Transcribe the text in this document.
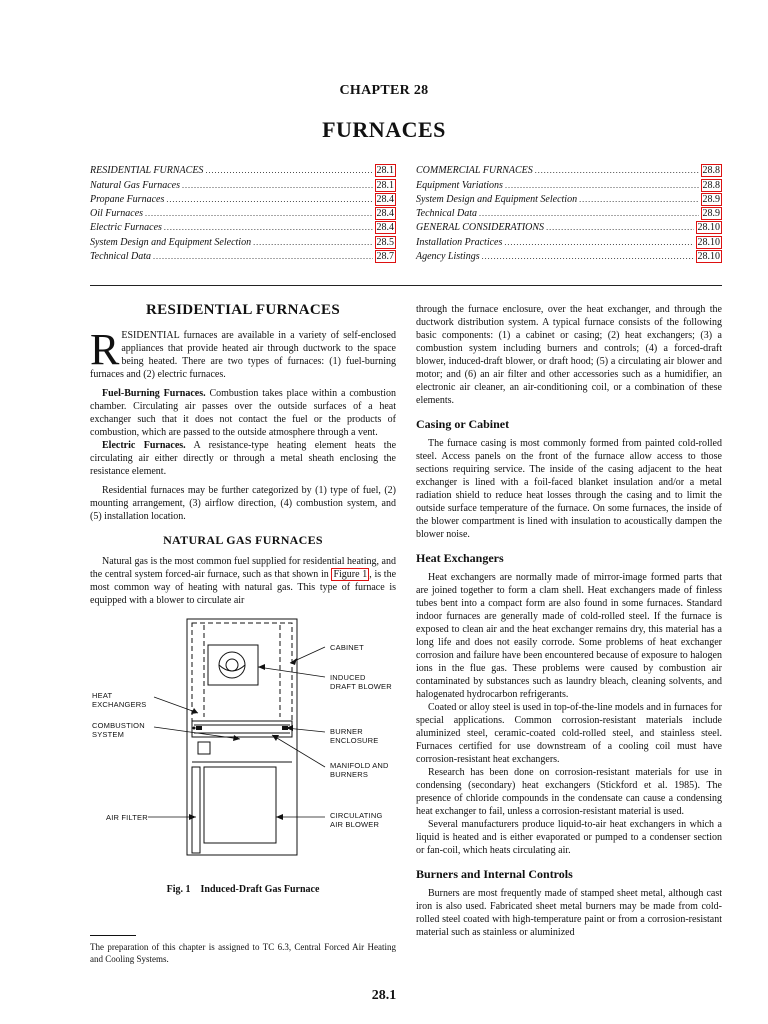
CHAPTER 28
FURNACES
RESIDENTIAL FURNACES .....	28.1
Natural Gas Furnaces .....	28.1
Propane Furnaces .....	28.4
Oil Furnaces .....	28.4
Electric Furnaces .....	28.4
System Design and Equipment Selection .....	28.5
Technical Data .....	28.7
COMMERCIAL FURNACES .....	28.8
Equipment Variations .....	28.8
System Design and Equipment Selection .....	28.9
Technical Data .....	28.9
GENERAL CONSIDERATIONS .....	28.10
Installation Practices .....	28.10
Agency Listings .....	28.10
RESIDENTIAL FURNACES

RESIDENTIAL furnaces are available in a variety of self-enclosed appliances that provide heated air through ductwork to the space being heated. There are two types of furnaces: (1) fuel-burning furnaces and (2) electric furnaces.

Fuel-Burning Furnaces. Combustion takes place within a combustion chamber. Circulating air passes over the outside surfaces of a heat exchanger such that it does not contact the fuel or the products of combustion, which are passed to the outside atmosphere through a vent.

Electric Furnaces. A resistance-type heating element heats the circulating air either directly or through a metal sheath enclosing the resistance element.

Residential furnaces may be further categorized by (1) type of fuel, (2) mounting arrangement, (3) airflow direction, (4) combustion system, and (5) installation location.

NATURAL GAS FURNACES

Natural gas is the most common fuel supplied for residential heating, and the central system forced-air furnace, such as that shown in Figure 1 , is the most common way of heating with natural gas. This type of furnace is equipped with a blower to circulate air

CABINET
INDUCED DRAFT BLOWER
HEAT EXCHANGERS
COMBUSTION SYSTEM	BURNER ENCLOSURE
MANIFOLD AND BURNERS
AIR FILTER	CIRCULATING AIR BLOWER
Fig. 1    Induced-Draft Gas Furnace
The preparation of this chapter is assigned to TC 6.3, Central Forced Air Heating and Cooling Systems.

through the furnace enclosure, over the heat exchanger, and through the ductwork distribution system. A typical furnace consists of the following basic components: (1) a cabinet or casing; (2) heat exchangers; (3) a combustion system including burners and controls; (4) a forced-draft blower, induced-draft blower, or draft hood; (5) a circulating air blower and motor; and (6) an air filter and other accessories such as a humidifier, an electronic air cleaner, an air-conditioning coil, or a combination of these elements.

Casing or Cabinet

The furnace casing is most commonly formed from painted cold-rolled steel. Access panels on the front of the furnace allow access to those sections requiring service. The inside of the casing adjacent to the heat exchanger is lined with a foil-faced blanket insulation and/or a metal radiation shield to reduce heat losses through the casing and to limit the outside surface temperature of the furnace. On some furnaces, the inside of the blower compartment is lined with insulation to acoustically dampen the blower noise.

Heat Exchangers

Heat exchangers are normally made of mirror-image formed parts that are joined together to form a clam shell. Heat exchangers made of finless tubes bent into a compact form are also found in some furnaces. Standard indoor furnaces are generally made of cold-rolled steel. If the furnace is exposed to clean air and the heat exchanger remains dry, this material has a long life and does not easily corrode. Some problems of heat exchanger corrosion and failure have been encountered because of exposure to halogen ions in the flue gas. These problems were caused by combustion air contaminated by substances such as laundry bleach, cleaning solvents, and halogenated hydrocarbon refrigerants.

Coated or alloy steel is used in top-of-the-line models and in furnaces for special applications. Common corrosion-resistant materials include aluminized steel, ceramic-coated cold-rolled steel, and stainless steel. Furnaces certified for use downstream of a cooling coil must have corrosion-resistant heat exchangers.

Research has been done on corrosion-resistant materials for use in condensing (secondary) heat exchangers (Stickford et al. 1985). The presence of chloride compounds in the condensate can cause a condensing heat exchanger to fail, unless a corrosion-resistant material is used.

Several manufacturers produce liquid-to-air heat exchangers in which a liquid is heated and is either evaporated or pumped to a condenser section or fan-coil, which heats circulating air.

Burners and Internal Controls

Burners are most frequently made of stamped sheet metal, although cast iron is also used. Fabricated sheet metal burners may be made from cold-rolled steel coated with high-temperature paint or from a corrosion-resistant material such as stainless or aluminized

28.1
